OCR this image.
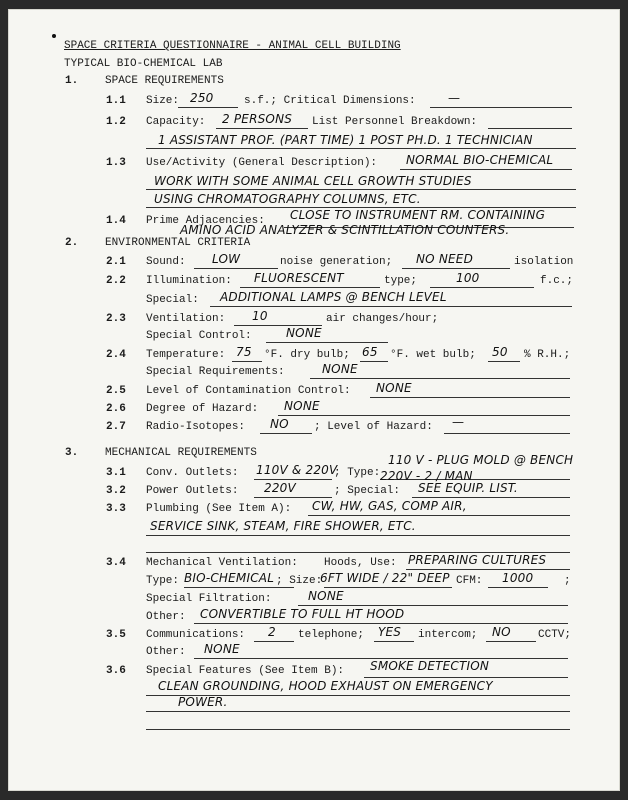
SPACE CRITERIA QUESTIONNAIRE - ANIMAL CELL BUILDING
TYPICAL BIO-CHEMICAL LAB
1. SPACE REQUIREMENTS
1.1 Size: 250	s.f.; Critical Dimensions:	—
1.2 Capacity: 2 PERSONS List Personnel Breakdown:
1 ASSISTANT PROF. (PART TIME) 1 POST PH.D. 1 TECHNICIAN
1.3 Use/Activity (General Description): NORMAL BIO-CHEMICAL
WORK WITH SOME ANIMAL CELL GROWTH STUDIES
USING CHROMATOGRAPHY COLUMNS, ETC.
1.4 Prime Adjacencies: CLOSE TO INSTRUMENT RM. CONTAINING
AMINO ACID ANALYZER & SCINTILLATION COUNTERS.
2. ENVIRONMENTAL CRITERIA
2.1 Sound: LOW	noise generation; NO NEED	isolation
2.2 Illumination: FLUORESCENT	type;	100	f.c.;
Special: ADDITIONAL LAMPS @ BENCH LEVEL
2.3 Ventilation: 10	air changes/hour;
Special Control:	NONE
2.4 Temperature: 75 °F. dry bulb; 65 °F. wet bulb; 50 % R.H.;
Special Requirements:	NONE
2.5 Level of Contamination Control: NONE
2.6 Degree of Hazard: NONE
2.7 Radio-Isotopes: NO ; Level of Hazard: —
3. MECHANICAL REQUIREMENTS	110 V - PLUG MOLD @ BENCH
3.1 Conv. Outlets: 110V & 220V
; Type: 220V - 2 / MAN
3.2 Power Outlets: 220V	; Special: SEE EQUIP. LIST.
3.3 Plumbing (See Item A): CW, HW, GAS, COMP AIR,
SERVICE SINK, STEAM, FIRE SHOWER, ETC.
3.4 Mechanical Ventilation: Hoods, Use: PREPARING CULTURES
Type: BIO-CHEMICAL ; Size:
6FT WIDE / 22" DEEP CFM: 1000	;
Special Filtration:	NONE
Other: CONVERTIBLE TO FULL HT HOOD
3.5 Communications: 2 telephone; YES intercom; NO CCTV;
Other: NONE
3.6 Special Features (See Item B): SMOKE DETECTION
CLEAN GROUNDING, HOOD EXHAUST ON EMERGENCY
POWER.
